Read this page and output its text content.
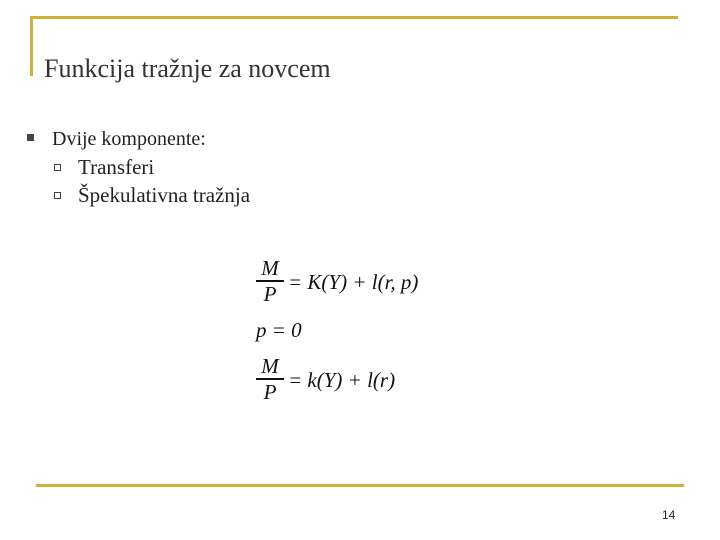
Funkcija tražnje za novcem
Dvije komponente:
Transferi
Špekulativna tražnja
M
P = K(Y) + l(r, p)
p = 0
M
P = k(Y) + l(r)
14
